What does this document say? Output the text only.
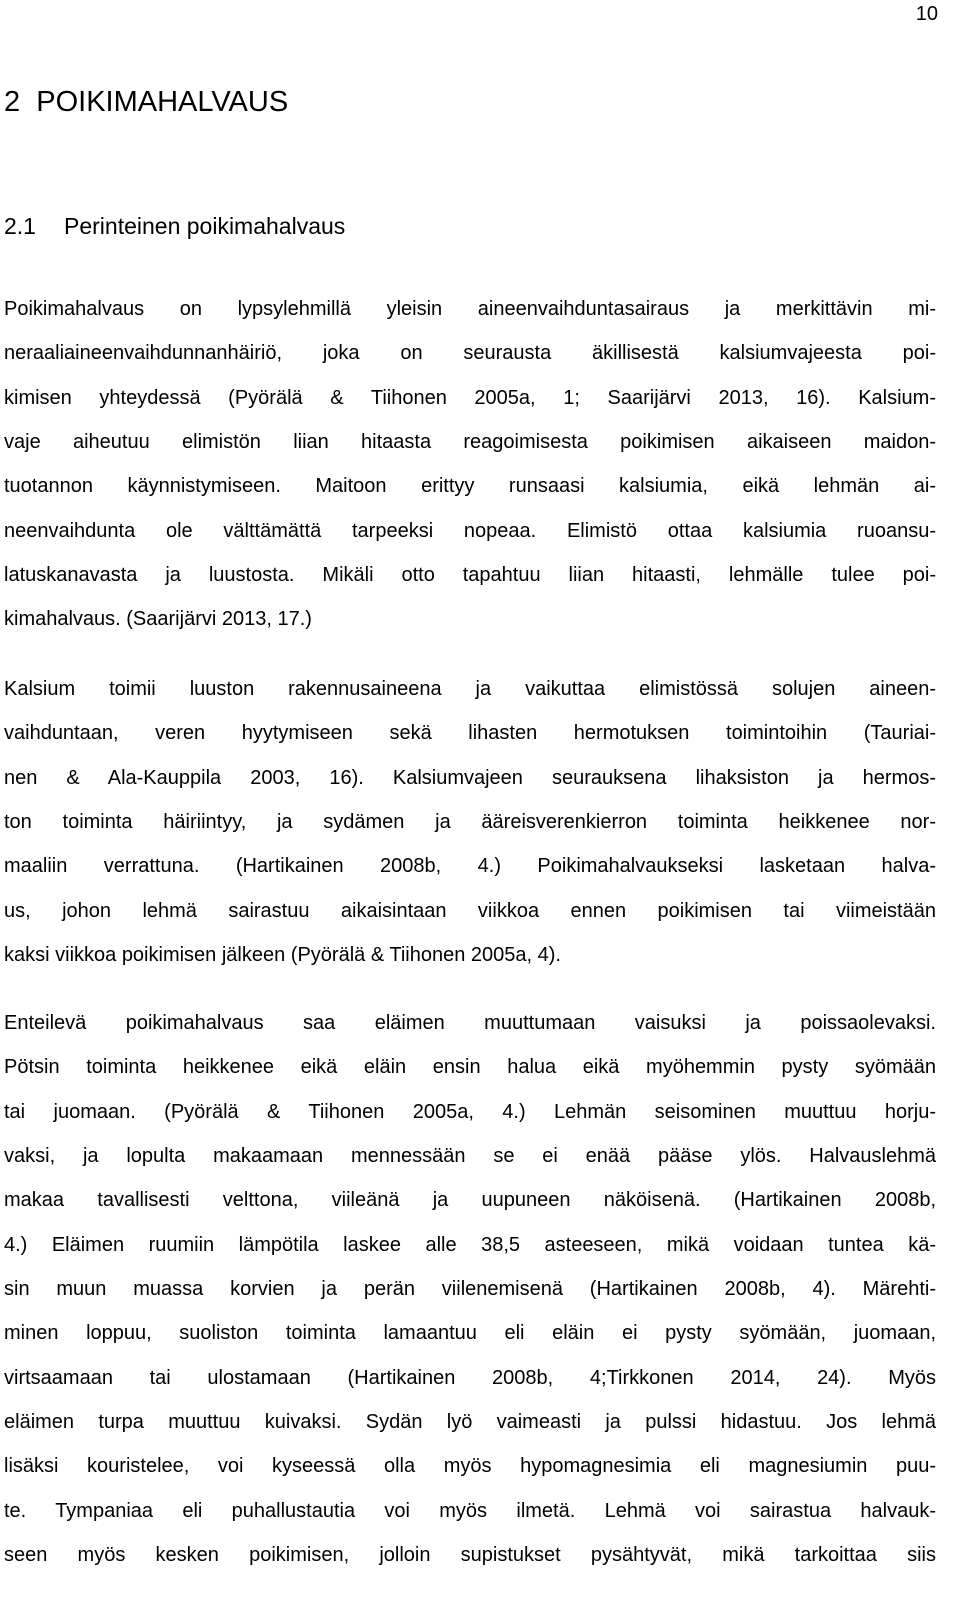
10
2  POIKIMAHALVAUS
2.1 Perinteinen poikimahalvaus
Poikimahalvaus on lypsylehmillä yleisin aineenvaihduntasairaus ja merkittävin mi-
neraaliaineenvaihdunnanhäiriö, joka on seurausta äkillisestä kalsiumvajeesta poi-
kimisen yhteydessä (Pyörälä & Tiihonen 2005a, 1; Saarijärvi 2013, 16). Kalsium-
vaje aiheutuu elimistön liian hitaasta reagoimisesta poikimisen aikaiseen maidon-
tuotannon käynnistymiseen. Maitoon erittyy runsaasi kalsiumia, eikä lehmän ai-
neenvaihdunta ole välttämättä tarpeeksi nopeaa. Elimistö ottaa kalsiumia ruoansu-
latuskanavasta ja luustosta. Mikäli otto tapahtuu liian hitaasti, lehmälle tulee poi-
kimahalvaus. (Saarijärvi 2013, 17.)
Kalsium toimii luuston rakennusaineena ja vaikuttaa elimistössä solujen aineen-
vaihduntaan, veren hyytymiseen sekä lihasten hermotuksen toimintoihin (Tauriai-
nen & Ala-Kauppila 2003, 16). Kalsiumvajeen seurauksena lihaksiston ja hermos-
ton toiminta häiriintyy, ja sydämen ja ääreisverenkierron toiminta heikkenee nor-
maaliin verrattuna. (Hartikainen 2008b, 4.) Poikimahalvaukseksi lasketaan halva-
us, johon lehmä sairastuu aikaisintaan viikkoa ennen poikimisen tai viimeistään
kaksi viikkoa poikimisen jälkeen (Pyörälä & Tiihonen 2005a, 4).
Enteilevä poikimahalvaus saa eläimen muuttumaan vaisuksi ja poissaolevaksi.
Pötsin toiminta heikkenee eikä eläin ensin halua eikä myöhemmin pysty syömään
tai juomaan. (Pyörälä & Tiihonen 2005a, 4.) Lehmän seisominen muuttuu horju-
vaksi, ja lopulta makaamaan mennessään se ei enää pääse ylös. Halvauslehmä
makaa tavallisesti velttona, viileänä ja uupuneen näköisenä. (Hartikainen 2008b,
4.) Eläimen ruumiin lämpötila laskee alle 38,5 asteeseen, mikä voidaan tuntea kä-
sin muun muassa korvien ja perän viilenemisenä (Hartikainen 2008b, 4). Märehti-
minen loppuu, suoliston toiminta lamaantuu eli eläin ei pysty syömään, juomaan,
virtsaamaan tai ulostamaan (Hartikainen 2008b, 4;Tirkkonen 2014, 24). Myös
eläimen turpa muuttuu kuivaksi. Sydän lyö vaimeasti ja pulssi hidastuu. Jos lehmä
lisäksi kouristelee, voi kyseessä olla myös hypomagnesimia eli magnesiumin puu-
te. Tympaniaa eli puhallustautia voi myös ilmetä. Lehmä voi sairastua halvauk-
seen myös kesken poikimisen, jolloin supistukset pysähtyvät, mikä tarkoittaa siis
